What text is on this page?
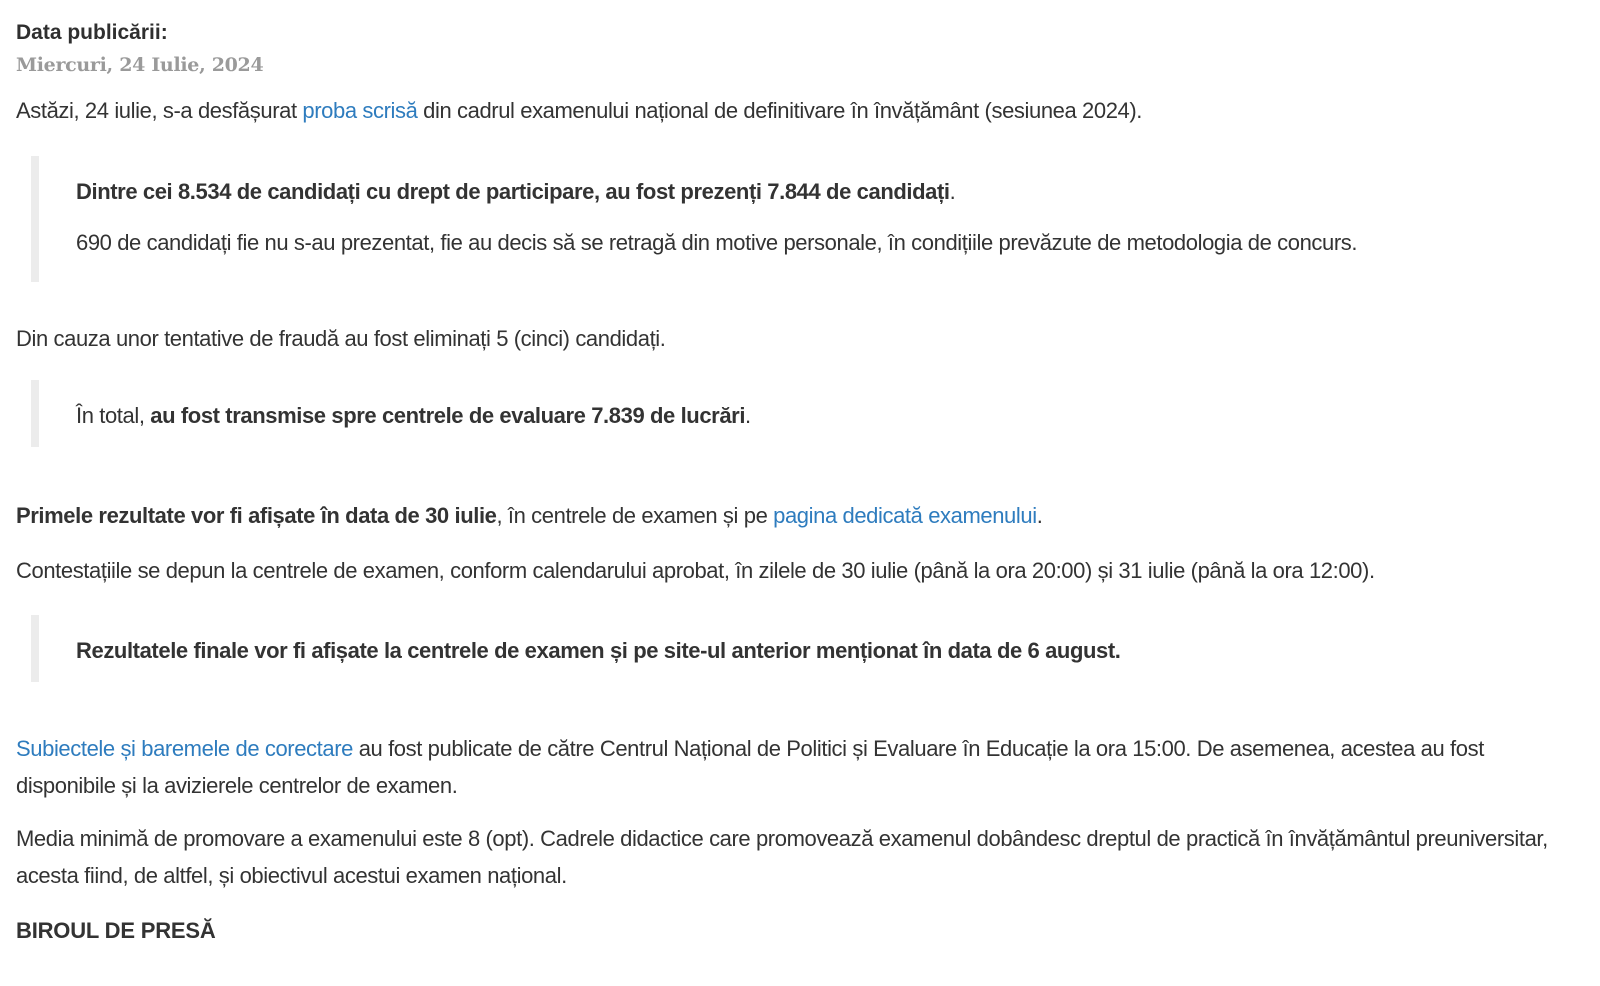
Data publicării:
Miercuri, 24 Iulie, 2024

Astăzi, 24 iulie, s-a desfășurat proba scrisă din cadrul examenului național de definitivare în învățământ (sesiunea 2024).

Dintre cei 8.534 de candidați cu drept de participare, au fost prezenți 7.844 de candidați.

690 de candidați fie nu s-au prezentat, fie au decis să se retragă din motive personale, în condițiile prevăzute de metodologia de concurs.

Din cauza unor tentative de fraudă au fost eliminați 5 (cinci) candidați.

În total, au fost transmise spre centrele de evaluare 7.839 de lucrări.

Primele rezultate vor fi afișate în data de 30 iulie, în centrele de examen și pe pagina dedicată examenului.

Contestațiile se depun la centrele de examen, conform calendarului aprobat, în zilele de 30 iulie (până la ora 20:00) și 31 iulie (până la ora 12:00).

Rezultatele finale vor fi afișate la centrele de examen și pe site-ul anterior menționat în data de 6 august.

Subiectele și baremele de corectare au fost publicate de către Centrul Național de Politici și Evaluare în Educație la ora 15:00. De asemenea, acestea au fost disponibile și la avizierele centrelor de examen.

Media minimă de promovare a examenului este 8 (opt). Cadrele didactice care promovează examenul dobândesc dreptul de practică în învățământul preuniversitar, acesta fiind, de altfel, și obiectivul acestui examen național.

BIROUL DE PRESĂ
